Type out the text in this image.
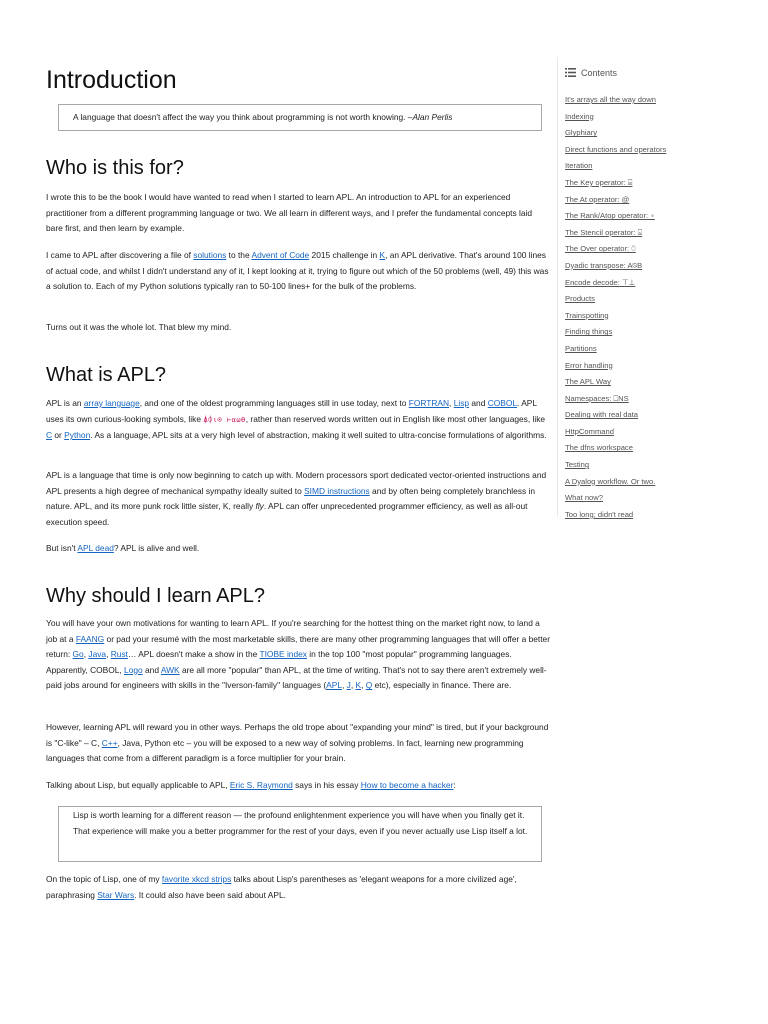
Introduction
A language that doesn't affect the way you think about programming is not worth knowing. –Alan Perlis
Who is this for?

I wrote this to be the book I would have wanted to read when I started to learn APL. An introduction to APL for an experienced practitioner from a different programming language or two. We all learn in different ways, and I prefer the fundamental concepts laid bare first, and then learn by example.

I came to APL after discovering a file of solutions to the Advent of Code 2015 challenge in K, an APL derivative. That's around 100 lines of actual code, and whilst I didn't understand any of it, I kept looking at it, trying to figure out which of the 50 problems (well, 49) this was a solution to. Each of my Python solutions typically ran to 50-100 lines+ for the bulk of the problems.

Turns out it was the whole lot. That blew my mind.

What is APL?

APL is an array language, and one of the oldest programming languages still in use today, next to FORTRAN, Lisp and COBOL. APL uses its own curious-looking symbols, like ⍋⌽⍳⍟ ⊢⍺⍵⍬, rather than reserved words written out in English like most other languages, like C or Python. As a language, APL sits at a very high level of abstraction, making it well suited to ultra-concise formulations of algorithms.

APL is a language that time is only now beginning to catch up with. Modern processors sport dedicated vector-oriented instructions and APL presents a high degree of mechanical sympathy ideally suited to SIMD instructions and by often being completely branchless in nature. APL, and its more punk rock little sister, K, really fly. APL can offer unprecedented programmer efficiency, as well as all-out execution speed.

But isn't APL dead? APL is alive and well.

Why should I learn APL?

You will have your own motivations for wanting to learn APL. If you're searching for the hottest thing on the market right now, to land a job at a FAANG or pad your resumé with the most marketable skills, there are many other programming languages that will offer a better return: Go, Java, Rust… APL doesn't make a show in the TIOBE index in the top 100 "most popular" programming languages. Apparently, COBOL, Logo and AWK are all more "popular" than APL, at the time of writing. That's not to say there aren't extremely well-paid jobs around for engineers with skills in the "Iverson-family" languages (APL, J, K, Q etc), especially in finance. There are.

However, learning APL will reward you in other ways. Perhaps the old trope about "expanding your mind" is tired, but if your background is "C-like" – C, C++, Java, Python etc – you will be exposed to a new way of solving problems. In fact, learning new programming languages that come from a different paradigm is a force multiplier for your brain.

Talking about Lisp, but equally applicable to APL, Eric S. Raymond says in his essay How to become a hacker:

Lisp is worth learning for a different reason — the profound enlightenment experience you will have when you finally get it. That experience will make you a better programmer for the rest of your days, even if you never actually use Lisp itself a lot.

On the topic of Lisp, one of my favorite xkcd strips talks about Lisp's parentheses as 'elegant weapons for a more civilized age', paraphrasing Star Wars. It could also have been said about APL.

Contents
It's arrays all the way down
Indexing
Glyphiary
Direct functions and operators
Iteration
The Key operator: ⌸
The At operator: @
The Rank/Atop operator: ⍤
The Stencil operator: ⌺
The Over operator: ⍥
Dyadic transpose: A⍉B
Encode decode: ⊤⊥
Products
Trainspotting
Finding things
Partitions
Error handling
The APL Way
Namespaces: ⎕NS
Dealing with real data
HttpCommand
The dfns workspace
Testing
A Dyalog workflow. Or two.
What now?
Too long; didn't read
